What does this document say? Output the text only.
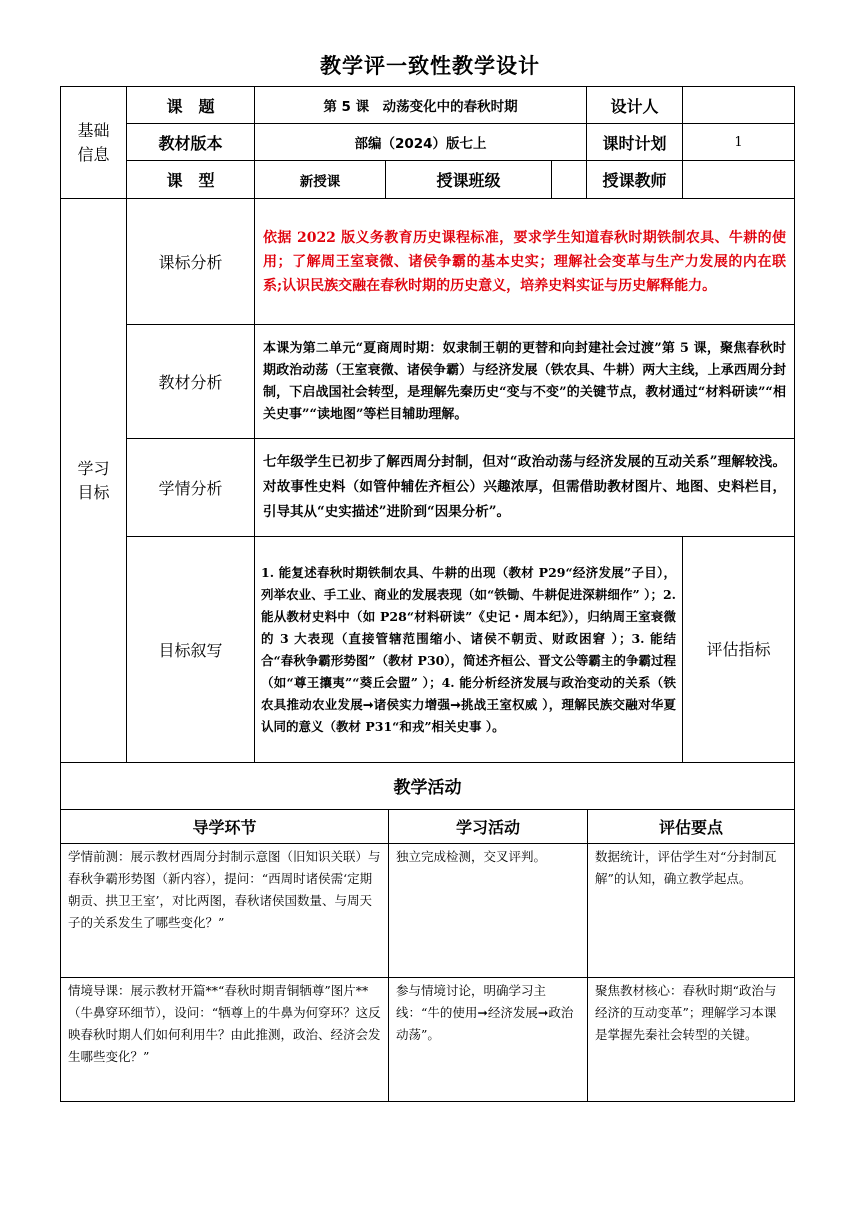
教学评一致性教学设计
基础
信息	课　题	第 5 课　动荡变化中的春秋时期			设计人	
	教材版本	部编（2024）版七上			课时计划	1
	课　型	新授课	授课班级		授课教师	
学习
目标	课标分析	依据 2022 版义务教育历史课程标准，要求学生知道春秋时期铁制农具、牛耕的使用；了解周王室衰微、诸侯争霸的基本史实；理解社会变革与生产力发展的内在联系;认识民族交融在春秋时期的历史意义，培养史料实证与历史解释能力。				
	教材分析	本课为第二单元“夏商周时期：奴隶制王朝的更替和向封建社会过渡”第 5 课，聚焦春秋时期政治动荡（王室衰微、诸侯争霸）与经济发展（铁农具、牛耕）两大主线，上承西周分封制，下启战国社会转型，是理解先秦历史“变与不变”的关键节点，教材通过“材料研读”“相关史事”“读地图”等栏目辅助理解。				
	学情分析	七年级学生已初步了解西周分封制，但对“政治动荡与经济发展的互动关系”理解较浅。对故事性史料（如管仲辅佐齐桓公）兴趣浓厚，但需借助教材图片、地图、史料栏目，引导其从“史实描述”进阶到“因果分析”。				
	目标叙写	1. 能复述春秋时期铁制农具、牛耕的出现（教材 P29“经济发展”子目），列举农业、手工业、商业的发展表现（如“铁锄、牛耕促进深耕细作” ）；2. 能从教材史料中（如 P28“材料研读”《史记・周本纪》），归纳周王室衰微的 3 大表现（直接管辖范围缩小、诸侯不朝贡、财政困窘 ）；3. 能结合“春秋争霸形势图”（教材 P30），简述齐桓公、晋文公等霸主的争霸过程（如“尊王攘夷”“葵丘会盟” ）；4. 能分析经济发展与政治变动的关系（铁农具推动农业发展➞诸侯实力增强➞挑战王室权威 ），理解民族交融对华夏认同的意义（教材 P31“和戎”相关史事 ）。				评估指标
教学活动		
导学环节	学习活动	评估要点
学情前测：展示教材西周分封制示意图（旧知识关联）与春秋争霸形势图（新内容），提问：“西周时诸侯需‘定期朝贡、拱卫王室’，对比两图，春秋诸侯国数量、与周天子的关系发生了哪些变化？”	独立完成检测，交叉评判。	数据统计，评估学生对“分封制瓦解”的认知，确立教学起点。
情境导课：展示教材开篇**“春秋时期青铜牺尊”图片**（牛鼻穿环细节），设问：“牺尊上的牛鼻为何穿环？这反映春秋时期人们如何利用牛？由此推测，政治、经济会发生哪些变化？”	参与情境讨论，明确学习主线：“牛的使用➞经济发展➞政治动荡”。	聚焦教材核心：春秋时期“政治与经济的互动变革”；理解学习本课是掌握先秦社会转型的关键。
